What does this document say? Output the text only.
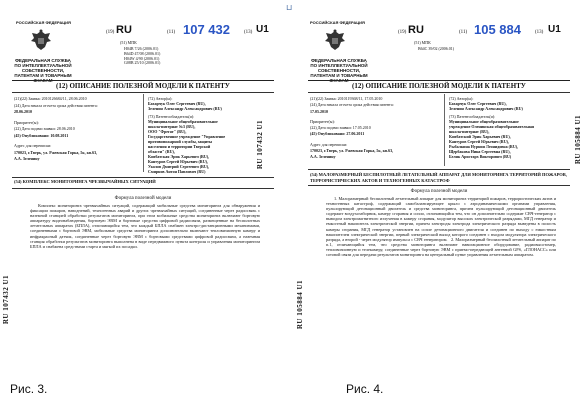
⊔
РОССИЙСКАЯ ФЕДЕРАЦИЯ
ФЕДЕРАЛЬНАЯ СЛУЖБА
ПО ИНТЕЛЛЕКТУАЛЬНОЙ СОБСТВЕННОСТИ,
ПАТЕНТАМ И ТОВАРНЫМ
(19) RU	(11) 107 432	(13) U1
(51) МПК
H04B 7/26 (2006.01)
B64D 47/08 (2006.01)
H04W 4/90 (2006.01)
G08B 25/10 (2006.01)
(12) ОПИСАНИЕ ПОЛЕЗНОЙ МОДЕЛИ К ПАТЕНТУ
(21)(22) Заявка: 2010126684/11, 28.06.2010
(24) Дата начала отсчета срока действия патента:
28.06.2010
Приоритет(ы):
(22) Дата подачи заявки: 28.06.2010
(45) Опубликовано: 10.08.2011
Адрес для переписки:
170023, г.Тверь, ул. Ржевская Горка, 5к, кв.63,
А.А. Зеленину
(72) Автор(ы):
Бахарчук Олег Сергеевич (RU),
Зеленин Александр Александрович (RU)
(73) Патентообладатель(и):
Муниципальное общеобразовательное
школа-интернат №3 (RU),
ООО "Фрегат" (RU),
Государственное учреждение "Управление
противопожарной службы, защиты
населения и территории Тверской
области" (RU),
Комбатская Эрик Харьевич (RU),
Кантуров Сергей Юрьевич (RU),
Уколов Дмитрий Сергеевич (RU),
Смирнов Антон Павлович (RU)
(54) КОМПЛЕКС МОНИТОРИНГА ЧРЕЗВЫЧАЙНЫХ СИТУАЦИЙ
Формула полезной модели
Комплекс мониторинга чрезвычайных ситуаций, содержащий мобильные средства мониторинга для обнаружения и фиксации пожаров, наводнений, техногенных аварий и других чрезвычайных ситуаций, соединенные через радиосвязь с наземной станцией обработки результатов мониторинга, при этом мобильные средства мониторинга включают бортовую аппаратуру видеонаблюдения, бортовую ЭВМ и бортовые средства цифровой радиосвязи, размещенные на беспилотных летательных аппаратах (БПЛА), отличающийся тем, что каждый БПЛА снабжен электро-дистанционными механизмами, соединенными с бортовой ЭВМ, мобильные средства мониторинга дополнительно включают тепловизионную камеру и инфракрасный датчик, соединенные через бортовую ЭВМ с бортовыми средствами цифровой радиосвязи, а наземная станция обработки результатов мониторинга выполнена в виде передвижного пункта контроля и управления мониторингом БПЛА и снабжена средствами старта и мягкой их посадки.
RU 107432 U1
RU 107432 U1
РОССИЙСКАЯ ФЕДЕРАЦИЯ
ФЕДЕРАЛЬНАЯ СЛУЖБА
ПО ИНТЕЛЛЕКТУАЛЬНОЙ СОБСТВЕННОСТИ,
ПАТЕНТАМ И ТОВАРНЫМ
(19) RU	(11) 105 884	(13) U1
(51) МПК
B64C 39/02 (2006.01)
(12) ОПИСАНИЕ ПОЛЕЗНОЙ МОДЕЛИ К ПАТЕНТУ
(21)(22) Заявка: 2010119368/11, 17.05.2010
(24) Дата начала отсчета срока действия патента:
17.05.2010
Приоритет(ы):
(22) Дата подачи заявки: 17.05.2010
(45) Опубликовано: 27.06.2011
Адрес для переписки:
170023, г.Тверь, ул. Ржевская Горка, 5к, кв.63,
А.А. Зеленину
(72) Автор(ы):
Бахарчук Олег Сергеевич (RU),
Зеленин Александр Александрович (RU)
(73) Патентообладатель(и):
Муниципальное общеобразовательное
учреждение Оленинская общеобразовательная
школа-интернат (RU),
Комбатский Эрик Харьевич (RU),
Кантуров Сергей Юрьевич (RU),
Рыбалкина Нурния Леонидовна (RU),
Щербакова Нина Сергеевна (RU),
Белик Аристарх Викторович (RU)
(54) МАЛОРАЗМЕРНЫЙ БЕСПИЛОТНЫЙ ЛЕТАТЕЛЬНЫЙ АППАРАТ ДЛЯ МОНИТОРИНГА ТЕРРИТОРИЙ ПОЖАРОВ, ТЕРРОРИСТИЧЕСКИХ АКТОВ И ТЕХНОГЕННЫХ КАТАСТРОФ
Формула полезной модели
1. Малоразмерный беспилотный летательный аппарат для мониторинга территорий пожаров, террористических актов и техногенных катастроф, содержащий самобалансирующее крыло с аэродинамическими органами управления, пульсирующий детонационный двигатель и средства мониторинга, причем пульсирующий детонационный двигатель содержит воздухозаборник, камеру сгорания и сопло, отличающийся тем, что он дополнительно содержит СВЧ-генератор с выводом электромагнитного излучения в камеру сгорания, модулятор высоких электрической разрядами, МГД генератор и емкостный накопитель электрической энергии, причем электроды электрода электрического разряда выведены в полость камеры сгорания, МГД генератор установлен на сопле детонационного двигателя и соединен по выходу с емкостным накопителем электрической энергии, первый электрический выход которого соединен с входом модулятора электрического разряда, а второй - через модулятор импульса с СВЧ генератором.   2. Малоразмерный беспилотный летательный аппарат по п.1, отличающийся тем, что средства мониторинга включают навигационное оборудование, радиовысотомер, тепловизионную и телекамеру, соединенные через бортовую ЭВМ с приемо-передающей антенной GPS, «ГЛОНАСС» или сотовой связи для передачи результатов мониторинга на центральный пункт управления летательным аппаратом.
RU 105884 U1
RU 105884 U1
Рис. 3.	Рис. 4.
